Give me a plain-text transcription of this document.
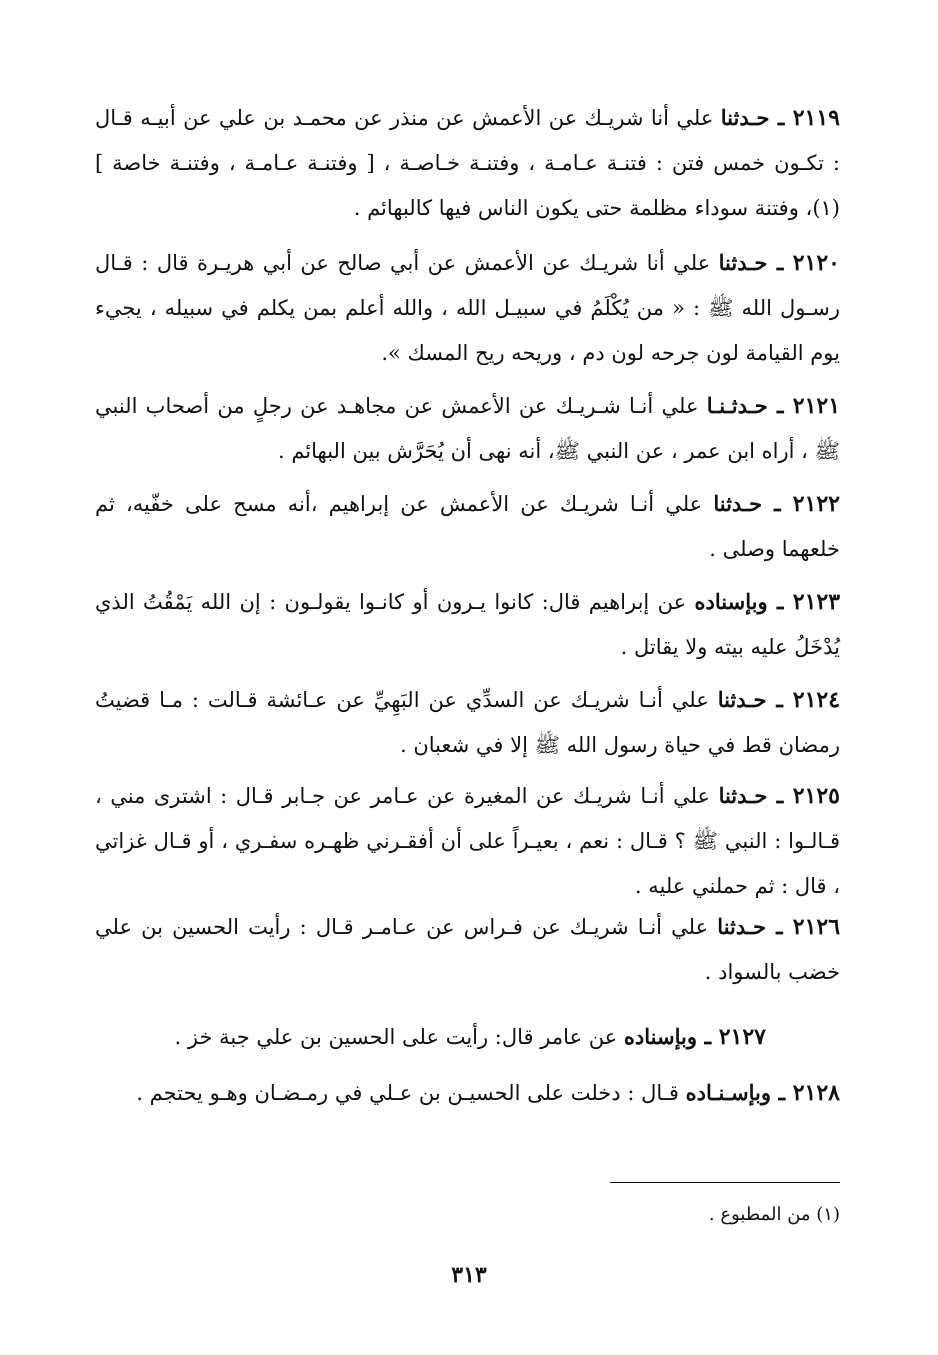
٢١١٩ ـ حـدثنا علي أنا شريـك عن الأعمش عن منذر عن محمـد بن علي عن أبيـه قـال : تكـون خمس فتن : فتنـة عـامـة ، وفتنـة خـاصـة ، [ وفتنـة عـامـة ، وفتنـة خاصة ] (١)، وفتنة سوداء مظلمة حتى يكون الناس فيها كالبهائم .

٢١٢٠ ـ حـدثنا علي أنا شريـك عن الأعمش عن أبي صالح عن أبي هريـرة قال : قـال رسـول الله ﷺ : « من يُكْلَمُ في سبيـل الله ، والله أعلم بمن يكلم في سبيله ، يجيء يوم القيامة لون جرحه لون دم ، وريحه ريح المسك ».

٢١٢١ ـ حـدثـنـا علي أنـا شـريـك عن الأعمش عن مجاهـد عن رجلٍ من أصحاب النبي ﷺ ، أراه ابن عمر ، عن النبي ﷺ، أنه نهى أن يُحَرَّش بين البهائم .

٢١٢٢ ـ حـدثنا علي أنـا شريـك عن الأعمش عن إبراهيم ،أنه مسح على خفّيه، ثم خلعهما وصلى .

٢١٢٣ ـ وبإسناده عن إبراهيم قال: كانوا يـرون أو كانـوا يقولـون : إن الله يَمْقُتُ الذي يُدْخَلُ عليه بيته ولا يقاتل .

٢١٢٤ ـ حـدثنا علي أنـا شريـك عن السدِّي عن البَهِيِّ عن عـائشة قـالت : مـا قضيتُ رمضان قط في حياة رسول الله ﷺ إلا في شعبان .

٢١٢٥ ـ حـدثنا علي أنـا شريـك عن المغيرة عن عـامر عن جـابر قـال : اشترى مني ، قـالـوا : النبي ﷺ ؟ قـال : نعم ، بعيـراً على أن أفقـرني ظهـره سفـري ، أو قـال غزاتي ، قال : ثم حملني عليه .

٢١٢٦ ـ حـدثنا علي أنـا شريـك عن فـراس عن عـامـر قـال : رأيت الحسين بن علي خضب بالسواد .

٢١٢٧ ـ وبإسناده عن عامر قال: رأيت على الحسين بن علي جبة خز .

٢١٢٨ ـ وبإسـنـاده قـال : دخلت على الحسيـن بن عـلي في رمـضـان وهـو يحتجم .

(١) من المطبوع .

٣١٣
